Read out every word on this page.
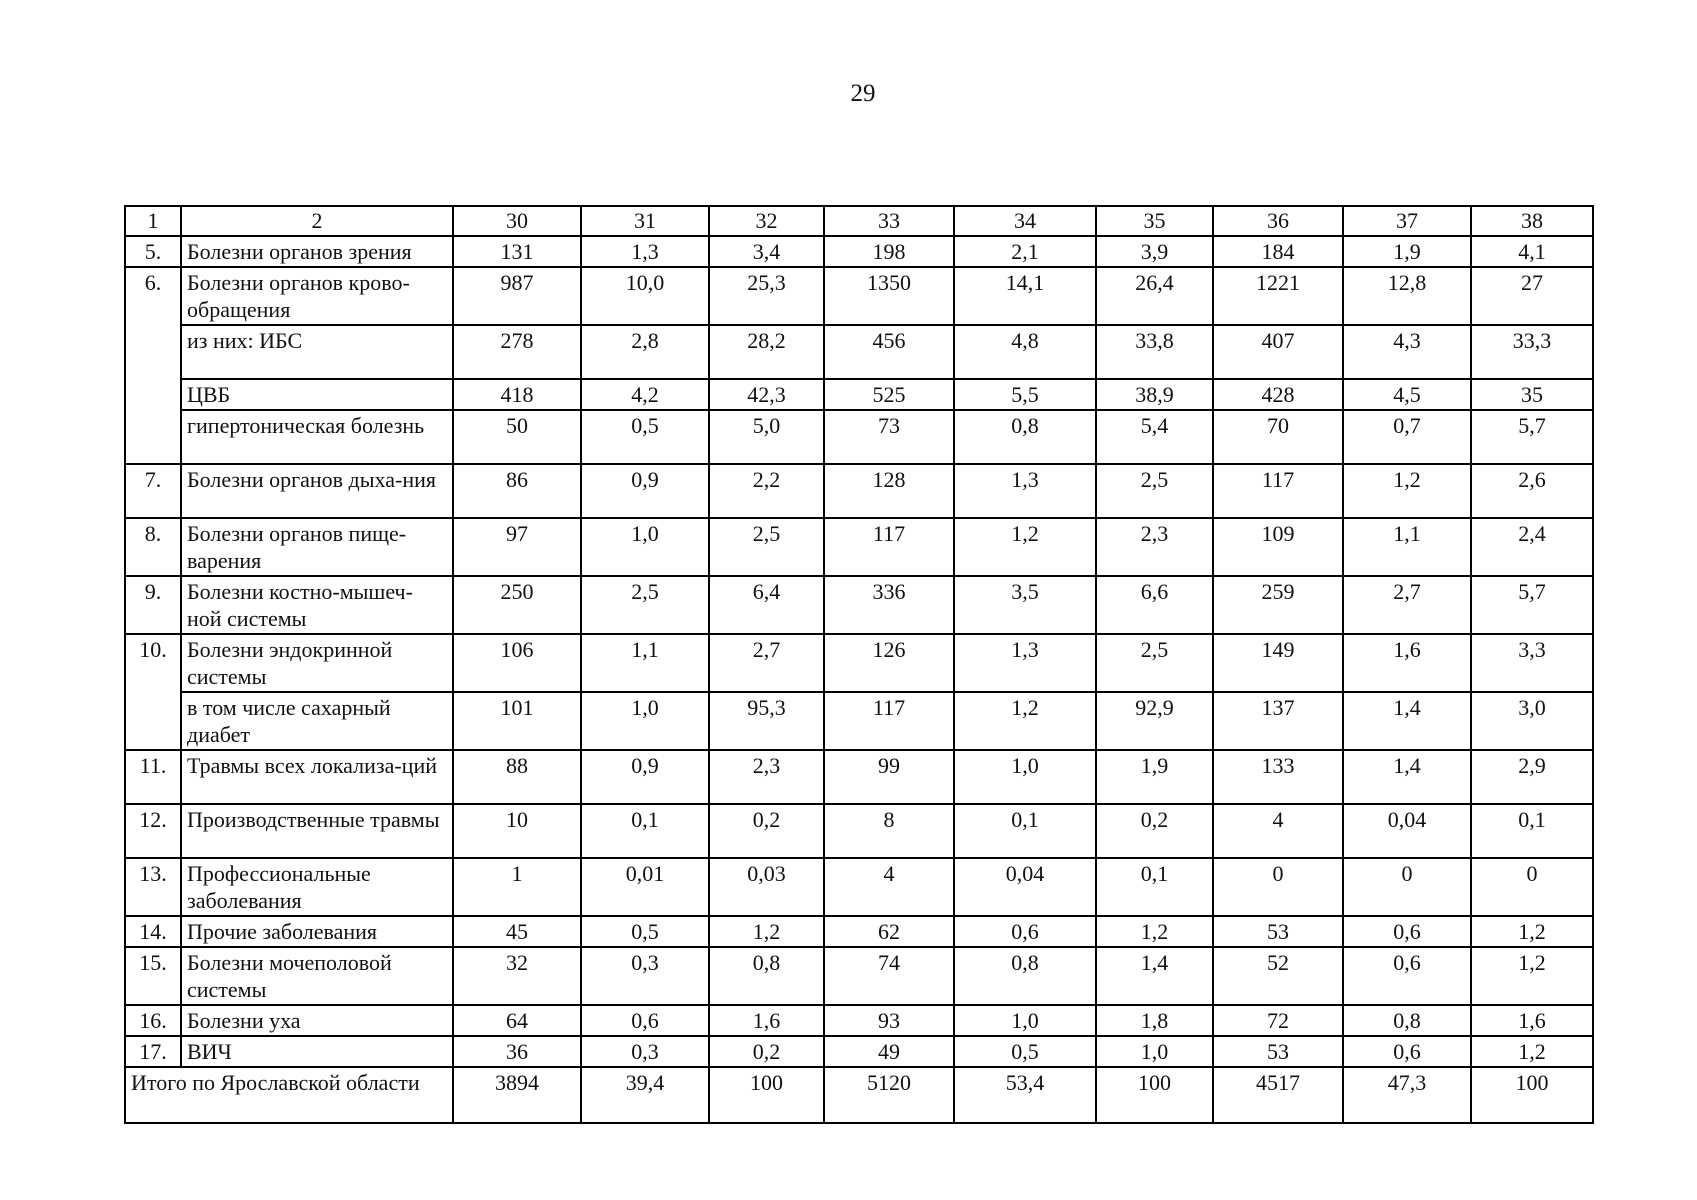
29
1	2	30	31	32	33	34	35	36	37	38
5.	Болезни органов зрения	131	1,3	3,4	198	2,1	3,9	184	1,9	4,1
6.	Болезни органов крово-обращения	987	10,0	25,3	1350	14,1	26,4	1221	12,8	27
	из них: ИБС	278	2,8	28,2	456	4,8	33,8	407	4,3	33,3
	ЦВБ	418	4,2	42,3	525	5,5	38,9	428	4,5	35
	гипертоническая болезнь	50	0,5	5,0	73	0,8	5,4	70	0,7	5,7
7.	Болезни органов дыха-ния	86	0,9	2,2	128	1,3	2,5	117	1,2	2,6
8.	Болезни органов пище-варения	97	1,0	2,5	117	1,2	2,3	109	1,1	2,4
9.	Болезни костно-мышеч-ной системы	250	2,5	6,4	336	3,5	6,6	259	2,7	5,7
10.	Болезни эндокринной системы	106	1,1	2,7	126	1,3	2,5	149	1,6	3,3
	в том числе сахарный диабет	101	1,0	95,3	117	1,2	92,9	137	1,4	3,0
11.	Травмы всех локализа-ций	88	0,9	2,3	99	1,0	1,9	133	1,4	2,9
12.	Производственные травмы	10	0,1	0,2	8	0,1	0,2	4	0,04	0,1
13.	Профессиональные заболевания	1	0,01	0,03	4	0,04	0,1	0	0	0
14.	Прочие заболевания	45	0,5	1,2	62	0,6	1,2	53	0,6	1,2
15.	Болезни мочеполовой системы	32	0,3	0,8	74	0,8	1,4	52	0,6	1,2
16.	Болезни уха	64	0,6	1,6	93	1,0	1,8	72	0,8	1,6
17.	ВИЧ	36	0,3	0,2	49	0,5	1,0	53	0,6	1,2
Итого по Ярославской области		3894	39,4	100	5120	53,4	100	4517	47,3	100
